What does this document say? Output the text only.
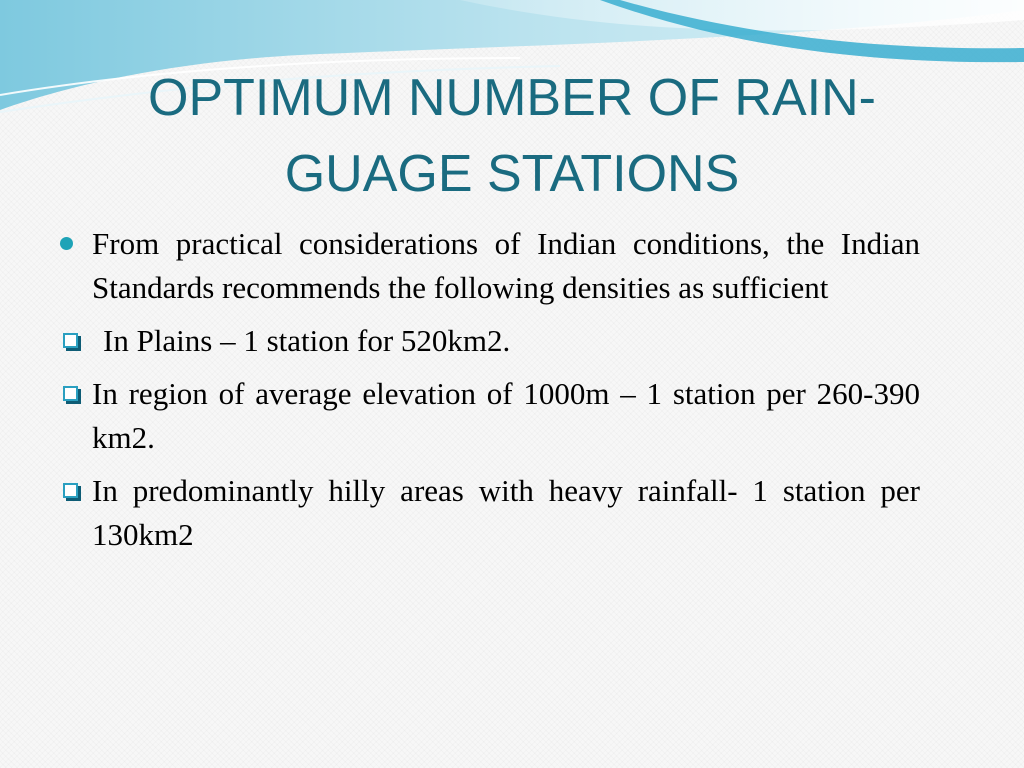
OPTIMUM NUMBER OF RAIN-GUAGE STATIONS
From practical considerations of Indian conditions, the Indian Standards recommends the following densities as sufficient
In Plains – 1 station for 520km2.
In region of average elevation of 1000m – 1 station per 260-390 km2.
In predominantly hilly areas with heavy rainfall- 1 station per 130km2
